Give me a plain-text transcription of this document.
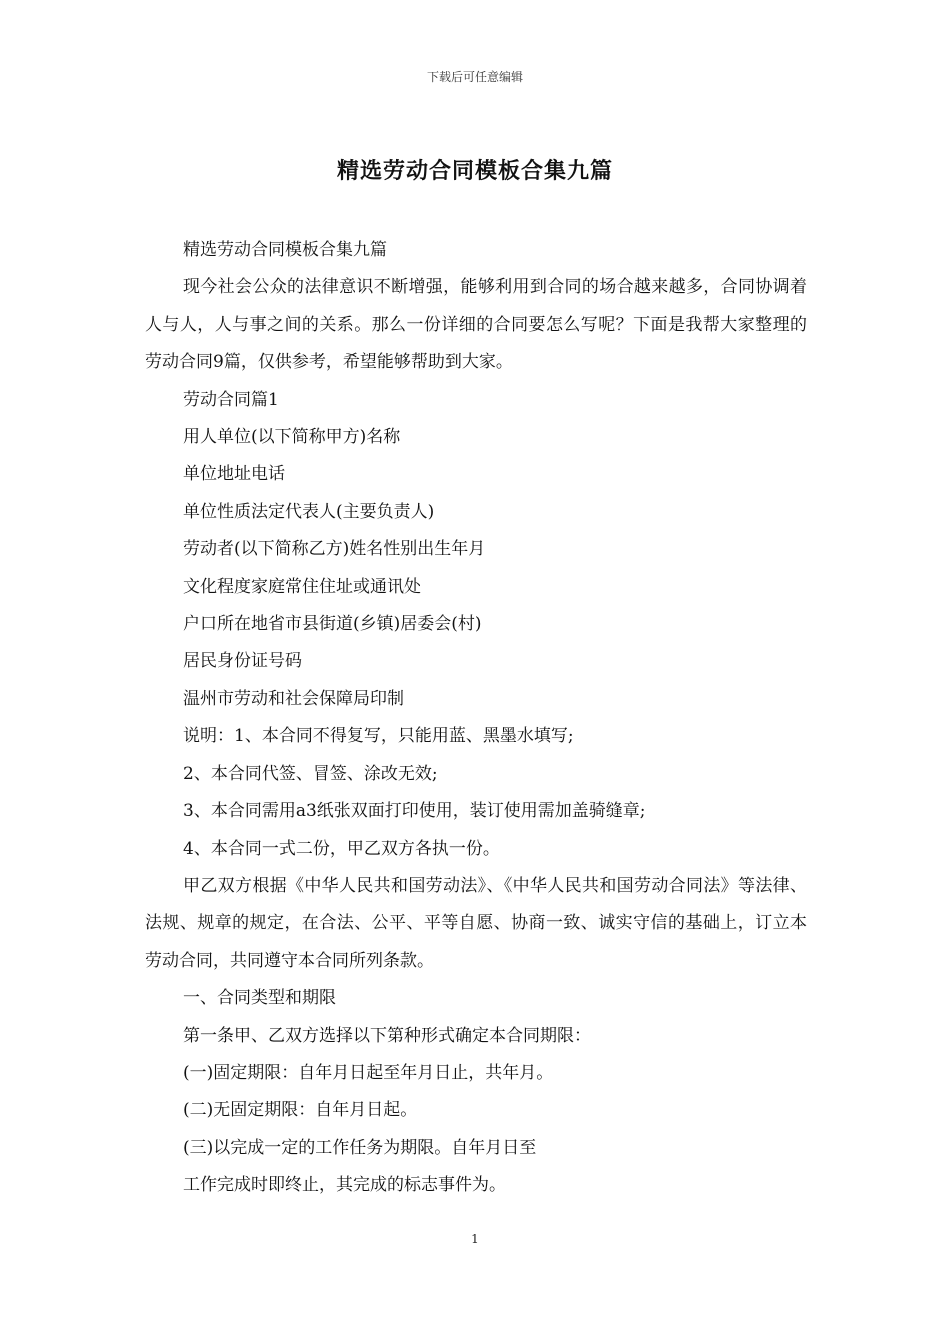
下载后可任意编辑
精选劳动合同模板合集九篇

精选劳动合同模板合集九篇

现今社会公众的法律意识不断增强，能够利用到合同的场合越来越多，合同协调着人与人，人与事之间的关系。那么一份详细的合同要怎么写呢？下面是我帮大家整理的劳动合同9篇，仅供参考，希望能够帮助到大家。

劳动合同篇1

用人单位(以下简称甲方)名称

单位地址电话

单位性质法定代表人(主要负责人)

劳动者(以下简称乙方)姓名性别出生年月

文化程度家庭常住住址或通讯处

户口所在地省市县街道(乡镇)居委会(村)

居民身份证号码

温州市劳动和社会保障局印制

说明：1、本合同不得复写，只能用蓝、黑墨水填写;

2、本合同代签、冒签、涂改无效;

3、本合同需用a3纸张双面打印使用，装订使用需加盖骑缝章;

4、本合同一式二份，甲乙双方各执一份。

甲乙双方根据《中华人民共和国劳动法》、《中华人民共和国劳动合同法》等法律、法规、规章的规定，在合法、公平、平等自愿、协商一致、诚实守信的基础上，订立本劳动合同，共同遵守本合同所列条款。

一、合同类型和期限

第一条甲、乙双方选择以下第种形式确定本合同期限：

(一)固定期限：自年月日起至年月日止，共年月。

(二)无固定期限：自年月日起。

(三)以完成一定的工作任务为期限。自年月日至

工作完成时即终止，其完成的标志事件为。

1
